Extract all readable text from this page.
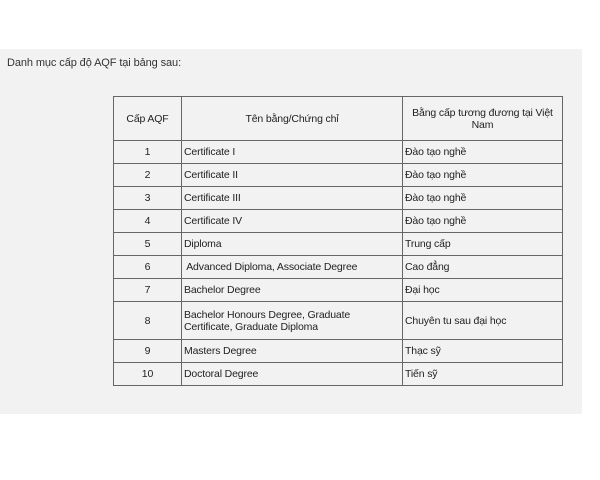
Danh mục cấp độ AQF tại bảng sau:
Cấp AQF	Tên bằng/Chứng chỉ	Bằng cấp tương đương tại Việt Nam
1	Certificate I	Đào tạo nghề
2	Certificate II	Đào tạo nghề
3	Certificate III	Đào tạo nghề
4	Certificate IV	Đào tạo nghề
5	Diploma	Trung cấp
6	Advanced Diploma, Associate Degree	Cao đẳng
7	Bachelor Degree	Đại học
8	Bachelor Honours Degree, Graduate Certificate, Graduate Diploma	Chuyên tu sau đại học
9	Masters Degree	Thạc sỹ
10	Doctoral Degree	Tiến sỹ
